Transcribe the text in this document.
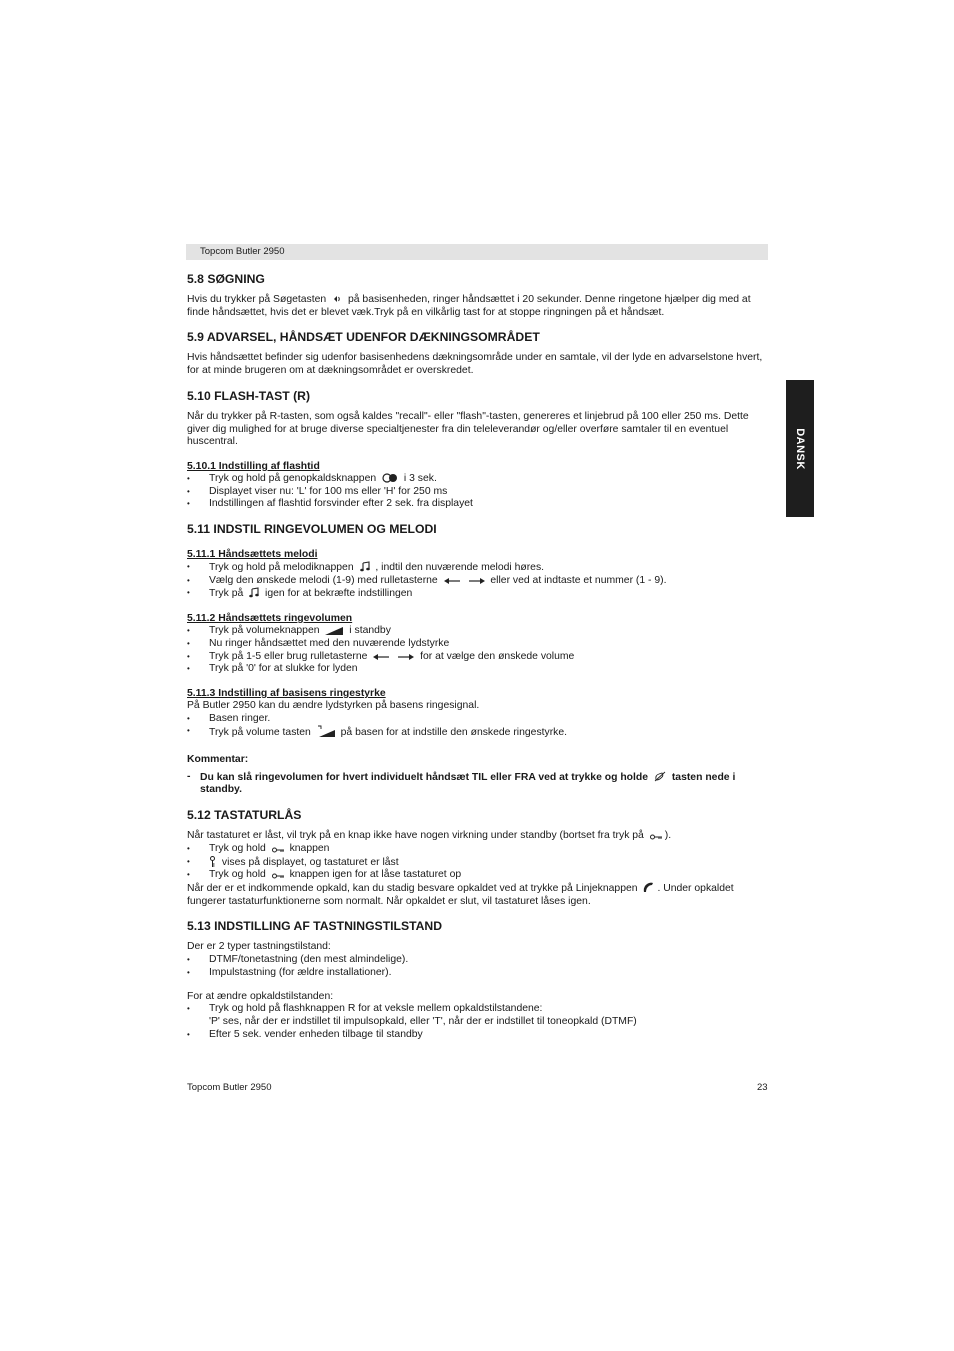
Topcom Butler 2950
DANSK
5.8 SØGNING

Hvis du trykker på Søgetasten på basisenheden, ringer håndsættet i 20 sekunder. Denne ringetone hjælper dig med at finde håndsættet, hvis det er blevet væk.Tryk på en vilkårlig tast for at stoppe ringningen på et håndsæt.

5.9 ADVARSEL, HÅNDSÆT UDENFOR DÆKNINGSOMRÅDET

Hvis håndsættet befinder sig udenfor basisenhedens dækningsområde under en samtale, vil der lyde en advarselstone hvert, for at minde brugeren om at dækningsområdet er overskredet.

5.10 FLASH-TAST (R)

Når du trykker på R-tasten, som også kaldes "recall"- eller "flash"-tasten, genereres et linjebrud på 100 eller 250 ms. Dette giver dig mulighed for at bruge diverse specialtjenester fra din teleleverandør og/eller overføre samtaler til en eventuel huscentral.

5.10.1 Indstilling af flashtid
• Tryk og hold på genopkaldsknappen	i 3 sek.
• Displayet viser nu: 'L' for 100 ms eller 'H' for 250 ms
• Indstillingen af flashtid forsvinder efter 2 sek. fra displayet
5.11 INDSTIL RINGEVOLUMEN OG MELODI
5.11.1 Håndsættets melodi
• Tryk og hold på melodiknappen , indtil den nuværende melodi høres.
• Vælg den ønskede melodi (1-9) med rulletasterne
	eller ved at indtaste et nummer (1 - 9).
• Tryk på igen for at bekræfte indstillingen
5.11.2 Håndsættets ringevolumen
• Tryk på volumeknappen	i standby
• Nu ringer håndsættet med den nuværende lydstyrke
• Tryk på 1-5 eller brug rulletasterne
	for at vælge den ønskede volume
• Tryk på '0' for at slukke for lyden
5.11.3 Indstilling af basisens ringestyrke

På Butler 2950 kan du ændre lydstyrken på basens ringesignal.

• Basen ringer.
• Tryk på volume tasten	på basen for at indstille den ønskede ringestyrke.

Kommentar:

- Du kan slå ringevolumen for hvert individuelt håndsæt TIL eller FRA ved at trykke og holde tasten nede i standby.
5.12 TASTATURLÅS

Når tastaturet er låst, vil tryk på en knap ikke have nogen virkning under standby (bortset fra tryk på ).

• Tryk og hold knappen
• vises på displayet, og tastaturet er låst
• Tryk og hold knappen igen for at låse tastaturet op

Når der er et indkommende opkald, kan du stadig besvare opkaldet ved at trykke på Linjeknappen . Under opkaldet fungerer tastaturfunktionerne som normalt. Når opkaldet er slut, vil tastaturet låses igen.

5.13 INDSTILLING AF TASTNINGSTILSTAND

Der er 2 typer tastningstilstand:

• DTMF/tonetastning (den mest almindelige).
• Impulstastning (for ældre installationer).

For at ændre opkaldstilstanden:

• Tryk og hold på flashknappen R for at veksle mellem opkaldstilstandene:
'P' ses, når der er indstillet til impulsopkald, eller 'T', når der er indstillet til toneopkald (DTMF)
• Efter 5 sek. vender enheden tilbage til standby
Topcom Butler 2950	23
